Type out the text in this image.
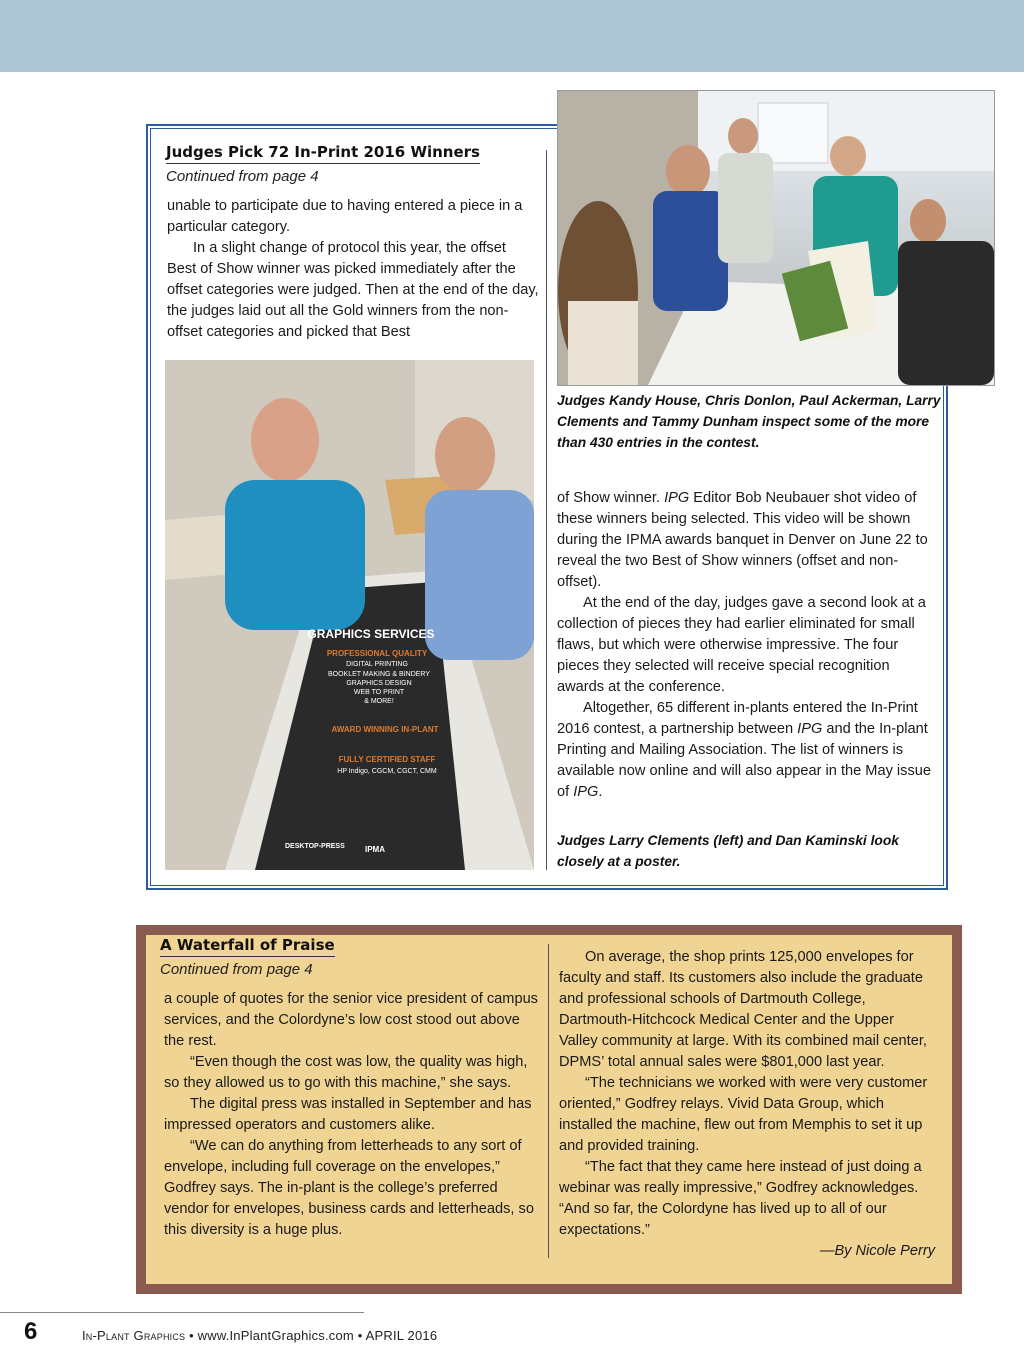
Judges Pick 72 In-Print 2016 Winners
Continued from page 4

unable to participate due to having entered a piece in a particular category.

In a slight change of protocol this year, the offset Best of Show winner was picked immediately after the offset categories were judged. Then at the end of the day, the judges laid out all the Gold winners from the non-offset categories and picked that Best

Judges Kandy House, Chris Donlon, Paul Ackerman, Larry Clements and Tammy Dunham inspect some of the more than 430 entries in the contest.
GRAPHICS SERVICES
PROFESSIONAL QUALITY
DIGITAL PRINTING
BOOKLET MAKING & BINDERY
GRAPHICS DESIGN
WEB TO PRINT
& MORE!
AWARD WINNING IN-PLANT
FULLY CERTIFIED STAFF
HP Indigo, CGCM, CGCT, CMM
DESKTOP-PRESS	IPMA

of Show winner. IPG Editor Bob Neubauer shot video of these winners being selected. This video will be shown during the IPMA awards banquet in Denver on June 22 to reveal the two Best of Show winners (offset and non-offset).

At the end of the day, judges gave a second look at a collection of pieces they had earlier eliminated for small flaws, but which were otherwise impressive. The four pieces they selected will receive special recognition awards at the conference.

Altogether, 65 different in-plants entered the In-Print 2016 contest, a partnership between IPG and the In-plant Printing and Mailing Association. The list of winners is available now online and will also appear in the May issue of IPG.

Judges Larry Clements (left) and Dan Kaminski look closely at a poster.
A Waterfall of Praise
Continued from page 4

a couple of quotes for the senior vice president of campus services, and the Colordyne’s low cost stood out above the rest.

“Even though the cost was low, the quality was high, so they allowed us to go with this machine,” she says.

The digital press was installed in September and has impressed operators and customers alike.

“We can do anything from letterheads to any sort of envelope, including full coverage on the envelopes,” Godfrey says. The in-plant is the college’s preferred vendor for envelopes, business cards and letterheads, so this diversity is a huge plus.

On average, the shop prints 125,000 envelopes for faculty and staff. Its customers also include the graduate and professional schools of Dartmouth College, Dartmouth-Hitchcock Medical Center and the Upper Valley community at large. With its combined mail center, DPMS’ total annual sales were $801,000 last year.

“The technicians we worked with were very customer oriented,” Godfrey relays. Vivid Data Group, which installed the machine, flew out from Memphis to set it up and provided training.

“The fact that they came here instead of just doing a webinar was really impressive,” Godfrey acknowledges. “And so far, the Colordyne has lived up to all of our expectations.”

—By Nicole Perry

6	In-Plant Graphics • www.InPlantGraphics.com • APRIL 2016
